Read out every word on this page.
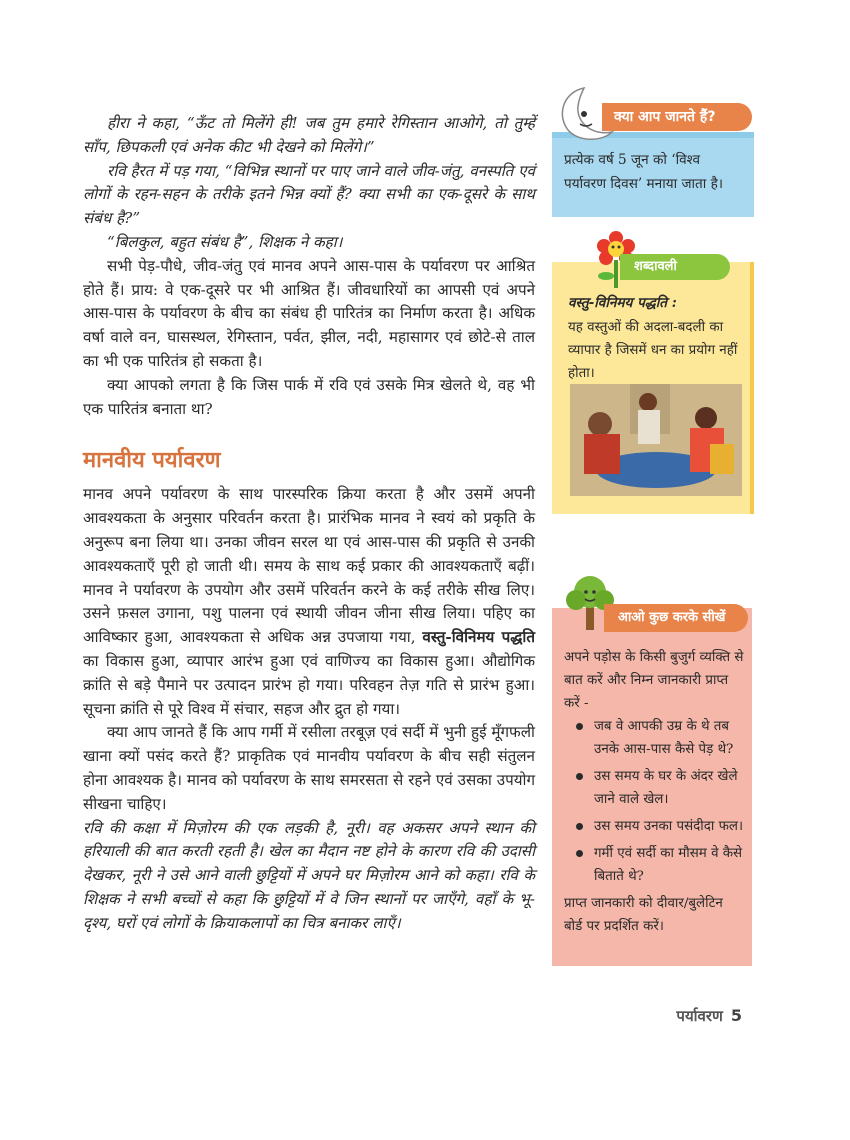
हीरा ने कहा, “ऊँट तो मिलेंगे ही! जब तुम हमारे रेगिस्तान आओगे, तो तुम्हें साँप, छिपकली एवं अनेक कीट भी देखने को मिलेंगे।”

रवि हैरत में पड़ गया, “विभिन्न स्थानों पर पाए जाने वाले जीव-जंतु, वनस्पति एवं लोगों के रहन-सहन के तरीके इतने भिन्न क्यों हैं? क्या सभी का एक-दूसरे के साथ संबंध है?”

“बिलकुल, बहुत संबंध है”, शिक्षक ने कहा।

सभी पेड़-पौधे, जीव-जंतु एवं मानव अपने आस-पास के पर्यावरण पर आश्रित होते हैं। प्राय: वे एक-दूसरे पर भी आश्रित हैं। जीवधारियों का आपसी एवं अपने आस-पास के पर्यावरण के बीच का संबंध ही पारितंत्र का निर्माण करता है। अधिक वर्षा वाले वन, घासस्थल, रेगिस्तान, पर्वत, झील, नदी, महासागर एवं छोटे-से ताल का भी एक पारितंत्र हो सकता है।

क्या आपको लगता है कि जिस पार्क में रवि एवं उसके मित्र खेलते थे, वह भी एक पारितंत्र बनाता था?

मानवीय पर्यावरण

मानव अपने पर्यावरण के साथ पारस्परिक क्रिया करता है और उसमें अपनी आवश्यकता के अनुसार परिवर्तन करता है। प्रारंभिक मानव ने स्वयं को प्रकृति के अनुरूप बना लिया था। उनका जीवन सरल था एवं आस-पास की प्रकृति से उनकी आवश्यकताएँ पूरी हो जाती थी। समय के साथ कई प्रकार की आवश्यकताएँ बढ़ीं। मानव ने पर्यावरण के उपयोग और उसमें परिवर्तन करने के कई तरीके सीख लिए। उसने फ़सल उगाना, पशु पालना एवं स्थायी जीवन जीना सीख लिया। पहिए का आविष्कार हुआ, आवश्यकता से अधिक अन्न उपजाया गया, वस्तु-विनिमय पद्धति का विकास हुआ, व्यापार आरंभ हुआ एवं वाणिज्य का विकास हुआ। औद्योगिक क्रांति से बड़े पैमाने पर उत्पादन प्रारंभ हो गया। परिवहन तेज़ गति से प्रारंभ हुआ। सूचना क्रांति से पूरे विश्व में संचार, सहज और द्रुत हो गया।

क्या आप जानते हैं कि आप गर्मी में रसीला तरबूज़ एवं सर्दी में भुनी हुई मूँगफली खाना क्यों पसंद करते हैं? प्राकृतिक एवं मानवीय पर्यावरण के बीच सही संतुलन होना आवश्यक है। मानव को पर्यावरण के साथ समरसता से रहने एवं उसका उपयोग सीखना चाहिए।

रवि की कक्षा में मिज़ोरम की एक लड़की है, नूरी। वह अकसर अपने स्थान की हरियाली की बात करती रहती है। खेल का मैदान नष्ट होने के कारण रवि की उदासी देखकर, नूरी ने उसे आने वाली छुट्टियों में अपने घर मिज़ोरम आने को कहा। रवि के शिक्षक ने सभी बच्चों से कहा कि छुट्टियों में वे जिन स्थानों पर जाएँगे, वहाँ के भू-दृश्य, घरों एवं लोगों के क्रियाकलापों का चित्र बनाकर लाएँ।

प्रत्येक वर्ष 5 जून को ‘विश्व पर्यावरण दिवस’ मनाया जाता है।
क्या आप जानते हैं?
वस्तु-विनिमय पद्धति :
यह वस्तुओं की अदला-बदली का व्यापार है जिसमें धन का प्रयोग नहीं होता।
शब्दावली
अपने पड़ोस के किसी बुजुर्ग व्यक्ति से बात करें और निम्न जानकारी प्राप्त करें -
जब वे आपकी उम्र के थे तब उनके आस-पास कैसे पेड़ थे?
उस समय के घर के अंदर खेले जाने वाले खेल।
उस समय उनका पसंदीदा फल।
गर्मी एवं सर्दी का मौसम वे कैसे बिताते थे?
प्राप्त जानकारी को दीवार/बुलेटिन बोर्ड पर प्रदर्शित करें।
आओ कुछ करके सीखें
पर्यावरण 5
